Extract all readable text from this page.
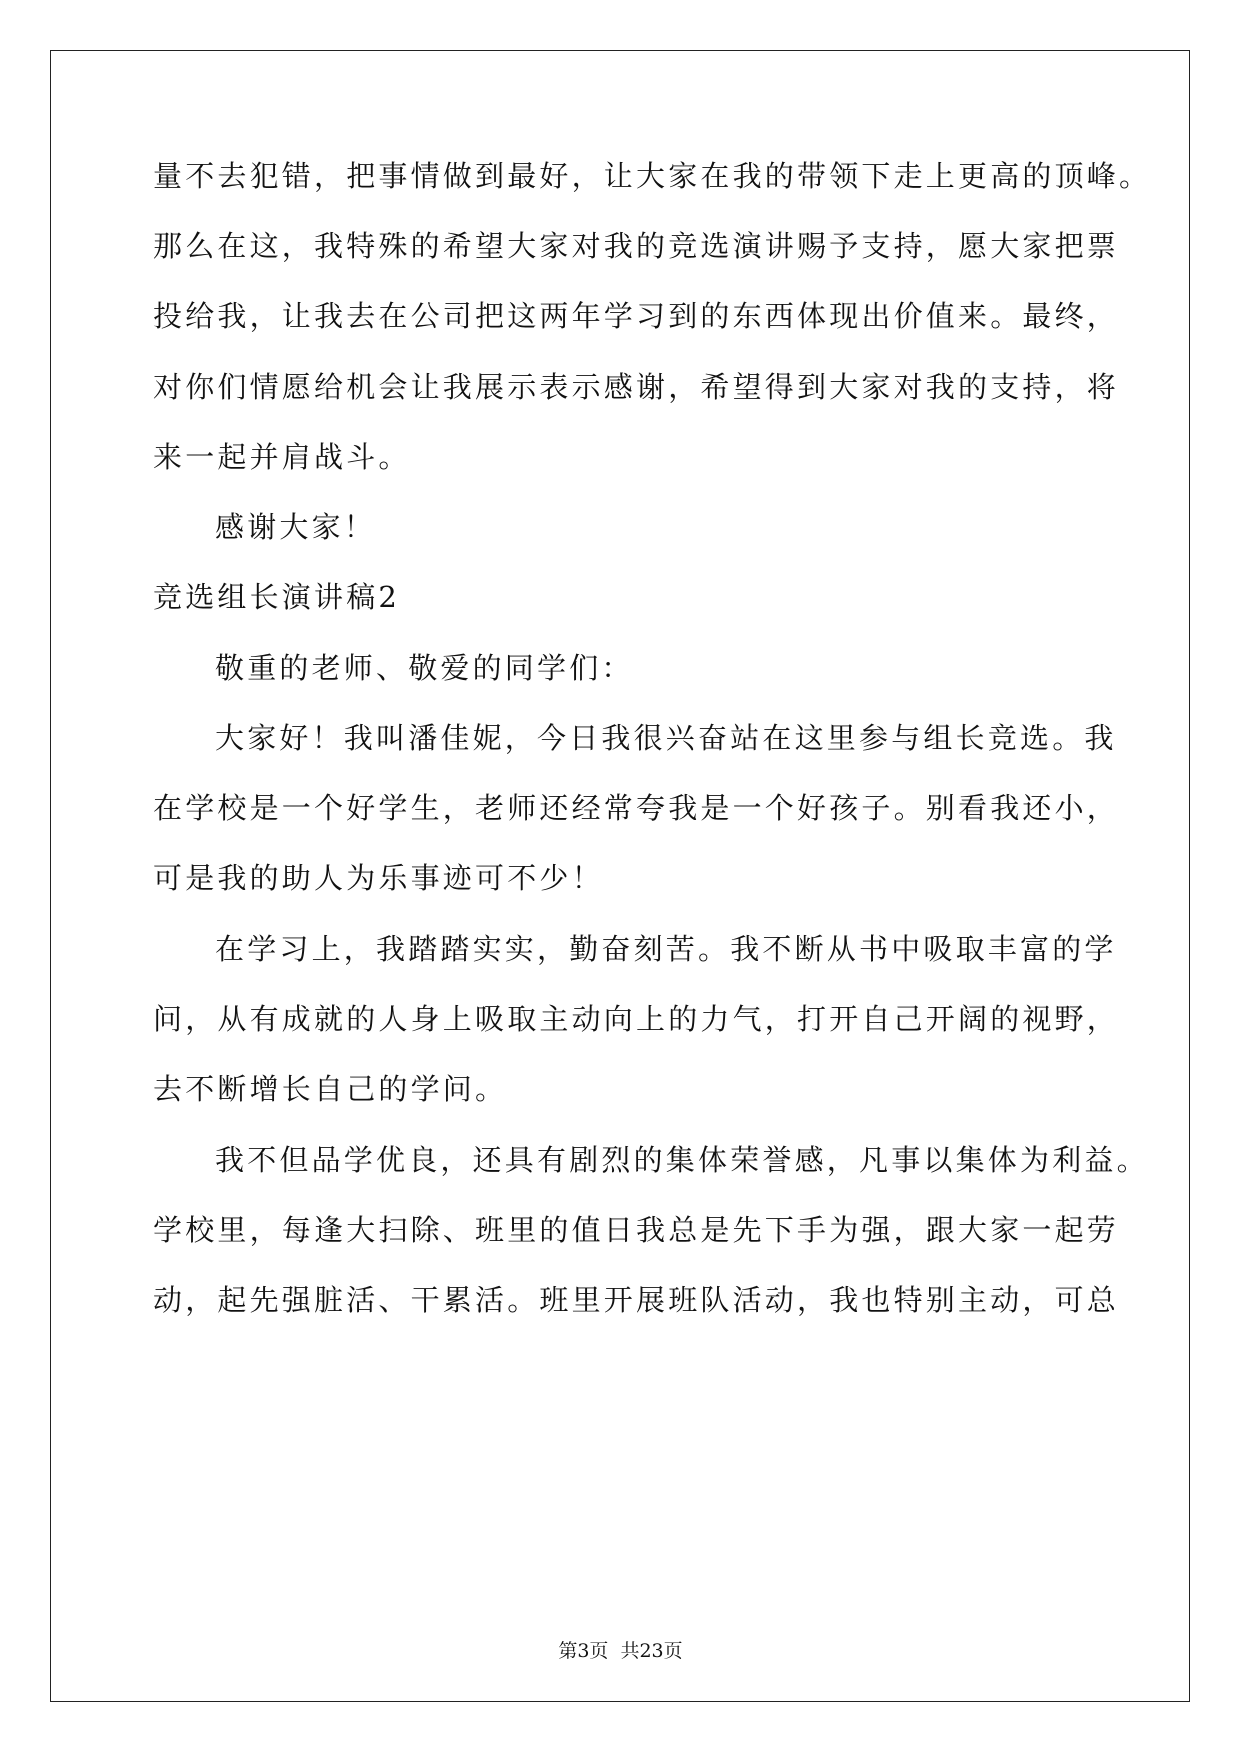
量不去犯错，把事情做到最好，让大家在我的带领下走上更高的顶峰。
那么在这，我特殊的希望大家对我的竞选演讲赐予支持，愿大家把票
投给我，让我去在公司把这两年学习到的东西体现出价值来。最终，
对你们情愿给机会让我展示表示感谢，希望得到大家对我的支持，将
来一起并肩战斗。
感谢大家！
竞选组长演讲稿2
敬重的老师、敬爱的同学们：
大家好！我叫潘佳妮，今日我很兴奋站在这里参与组长竞选。我
在学校是一个好学生，老师还经常夸我是一个好孩子。别看我还小，
可是我的助人为乐事迹可不少！
在学习上，我踏踏实实，勤奋刻苦。我不断从书中吸取丰富的学
问，从有成就的人身上吸取主动向上的力气，打开自己开阔的视野，
去不断增长自己的学问。
我不但品学优良，还具有剧烈的集体荣誉感，凡事以集体为利益。
学校里，每逢大扫除、班里的值日我总是先下手为强，跟大家一起劳
动，起先强脏活、干累活。班里开展班队活动，我也特别主动，可总
第3页 共23页
